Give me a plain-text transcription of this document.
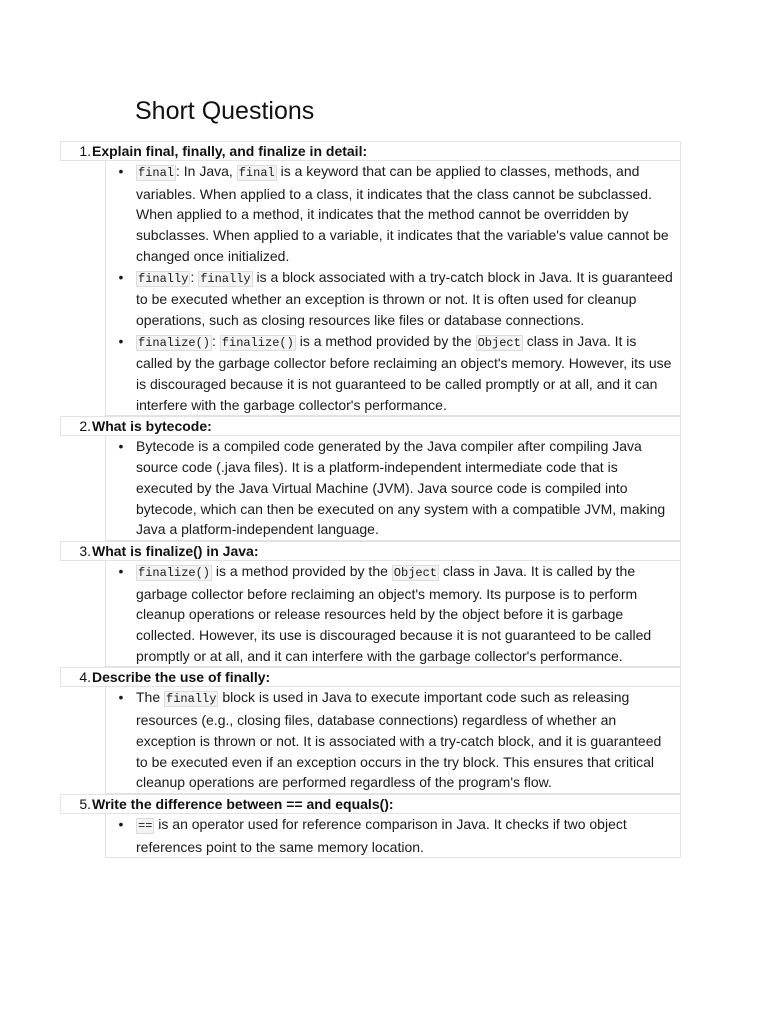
Short Questions
1. Explain final, finally, and finalize in detail:
•	final : In Java, final is a keyword that can be applied to classes, methods, and variables. When applied to a class, it indicates that the class cannot be subclassed. When applied to a method, it indicates that the method cannot be overridden by subclasses. When applied to a variable, it indicates that the variable's value cannot be changed once initialized.
•	finally : finally is a block associated with a try-catch block in Java. It is guaranteed to be executed whether an exception is thrown or not. It is often used for cleanup operations, such as closing resources like files or database connections.
•	finalize() : finalize() is a method provided by the Object class in Java. It is called by the garbage collector before reclaiming an object's memory. However, its use is discouraged because it is not guaranteed to be called promptly or at all, and it can interfere with the garbage collector's performance.
2. What is bytecode:
• Bytecode is a compiled code generated by the Java compiler after compiling Java source code (.java files). It is a platform-independent intermediate code that is executed by the Java Virtual Machine (JVM). Java source code is compiled into bytecode, which can then be executed on any system with a compatible JVM, making Java a platform-independent language.
3. What is finalize() in Java:
•	finalize() is a method provided by the Object class in Java. It is called by the garbage collector before reclaiming an object's memory. Its purpose is to perform cleanup operations or release resources held by the object before it is garbage collected. However, its use is discouraged because it is not guaranteed to be called promptly or at all, and it can interfere with the garbage collector's performance.
4. Describe the use of finally:
• The finally block is used in Java to execute important code such as releasing resources (e.g., closing files, database connections) regardless of whether an exception is thrown or not. It is associated with a try-catch block, and it is guaranteed to be executed even if an exception occurs in the try block. This ensures that critical cleanup operations are performed regardless of the program's flow.
5. Write the difference between == and equals():
•	== is an operator used for reference comparison in Java. It checks if two object references point to the same memory location.
